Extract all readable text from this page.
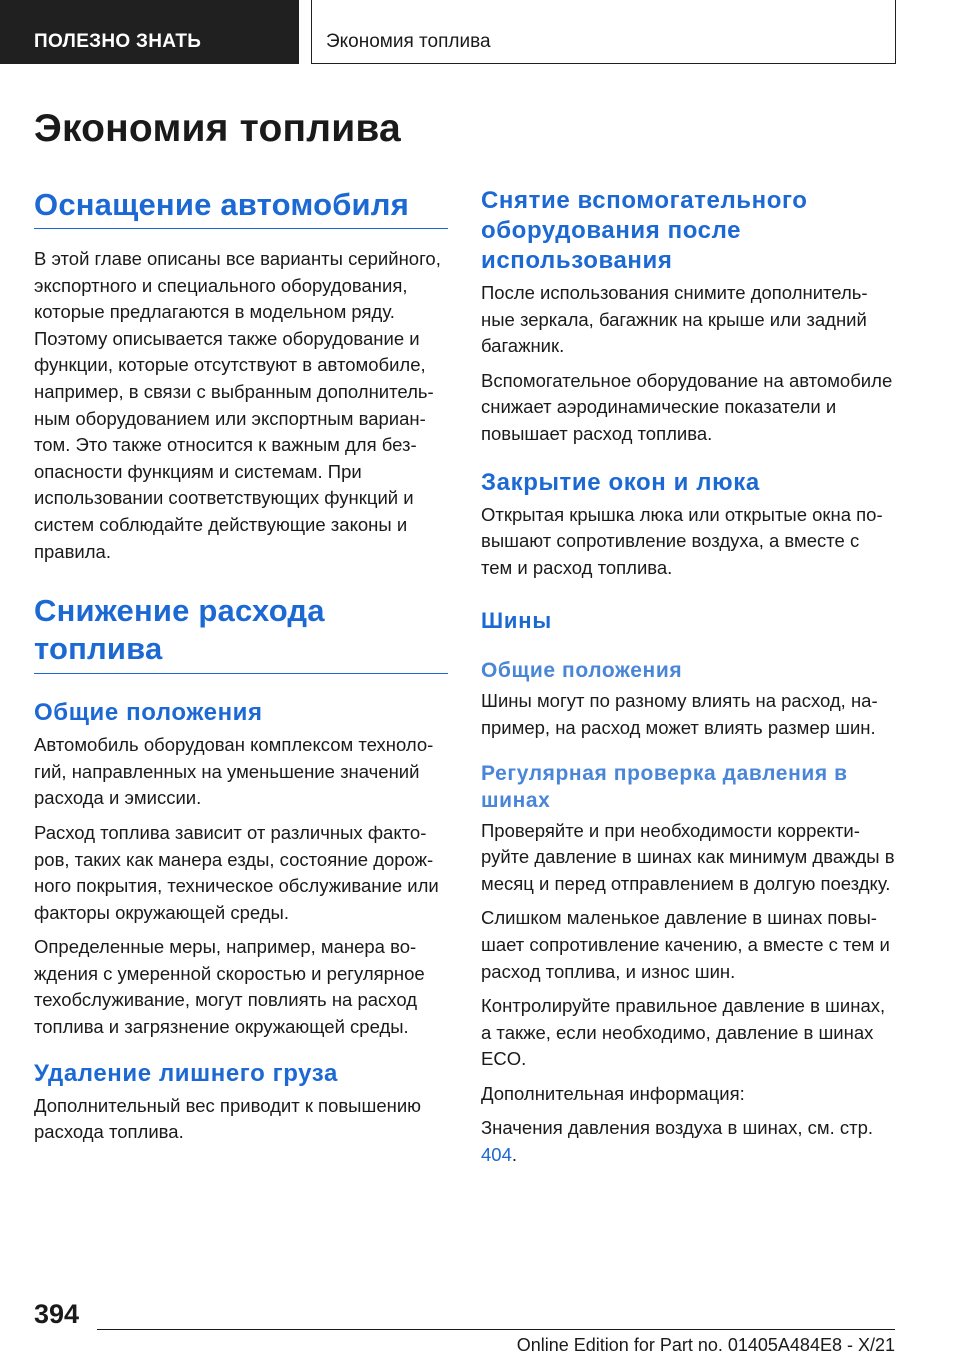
ПОЛЕЗНО ЗНАТЬ	Экономия топлива
Экономия топлива
Оснащение автомобиля

В этой главе описаны все варианты серийного, экспортного и специального оборудования, которые предлагаются в модельном ряду. Поэтому описывается также оборудование и функции, которые отсутствуют в автомобиле, например, в связи с выбранным дополнительным оборудованием или экспортным вариантом. Это также относится к важным для безопасности функциям и системам. При использовании соответствующих функций и систем соблюдайте действующие законы и правила.

Снижение расхода топлива
Общие положения

Автомобиль оборудован комплексом технологий, направленных на уменьшение значений расхода и эмиссии.

Расход топлива зависит от различных факторов, таких как манера езды, состояние дорожного покрытия, техническое обслуживание или факторы окружающей среды.

Определенные меры, например, манера вождения с умеренной скоростью и регулярное техобслуживание, могут повлиять на расход топлива и загрязнение окружающей среды.

Удаление лишнего груза

Дополнительный вес приводит к повышению расхода топлива.

Снятие вспомогательного оборудования после использования

После использования снимите дополнительные зеркала, багажник на крыше или задний багажник.

Вспомогательное оборудование на автомобиле снижает аэродинамические показатели и повышает расход топлива.

Закрытие окон и люка

Открытая крышка люка или открытые окна повышают сопротивление воздуха, а вместе с тем и расход топлива.

Шины
Общие положения

Шины могут по разному влиять на расход, например, на расход может влиять размер шин.

Регулярная проверка давления в шинах

Проверяйте и при необходимости корректируйте давление в шинах как минимум дважды в месяц и перед отправлением в долгую поездку.

Слишком маленькое давление в шинах повышает сопротивление качению, а вместе с тем и расход топлива, и износ шин.

Контролируйте правильное давление в шинах, а также, если необходимо, давление в шинах ECO.

Дополнительная информация:

Значения давления воздуха в шинах, см. стр. 404.

394
Online Edition for Part no. 01405A484E8 - X/21
